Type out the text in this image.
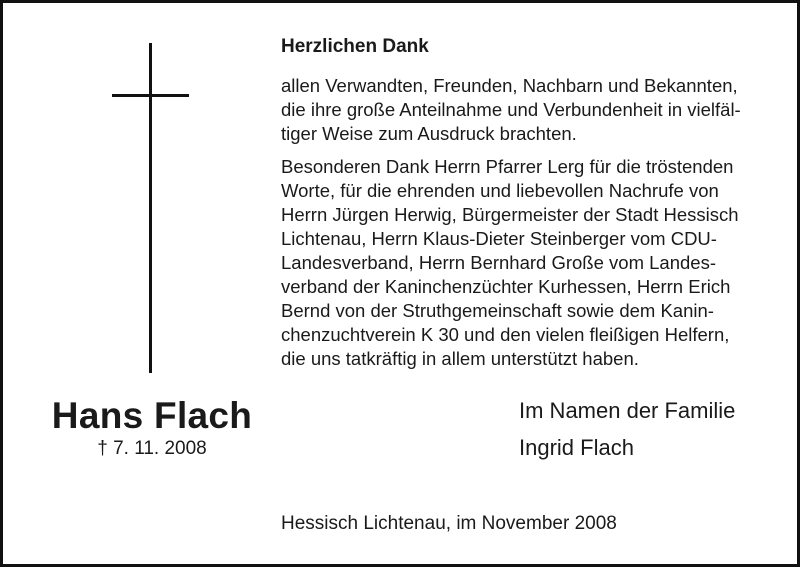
Hans Flach
† 7. 11. 2008
Herzlichen Dank
allen Verwandten, Freunden, Nachbarn und Bekannten,
die ihre große Anteilnahme und Verbundenheit in vielfäl-
tiger Weise zum Ausdruck brachten.
Besonderen Dank Herrn Pfarrer Lerg für die tröstenden
Worte, für die ehrenden und liebevollen Nachrufe von
Herrn Jürgen Herwig, Bürgermeister der Stadt Hessisch
Lichtenau, Herrn Klaus-Dieter Steinberger vom CDU-
Landesverband, Herrn Bernhard Große vom Landes-
verband der Kaninchenzüchter Kurhessen, Herrn Erich
Bernd von der Struthgemeinschaft sowie dem Kanin-
chenzuchtverein K 30 und den vielen fleißigen Helfern,
die uns tatkräftig in allem unterstützt haben.
Im Namen der Familie
Ingrid Flach
Hessisch Lichtenau, im November 2008
